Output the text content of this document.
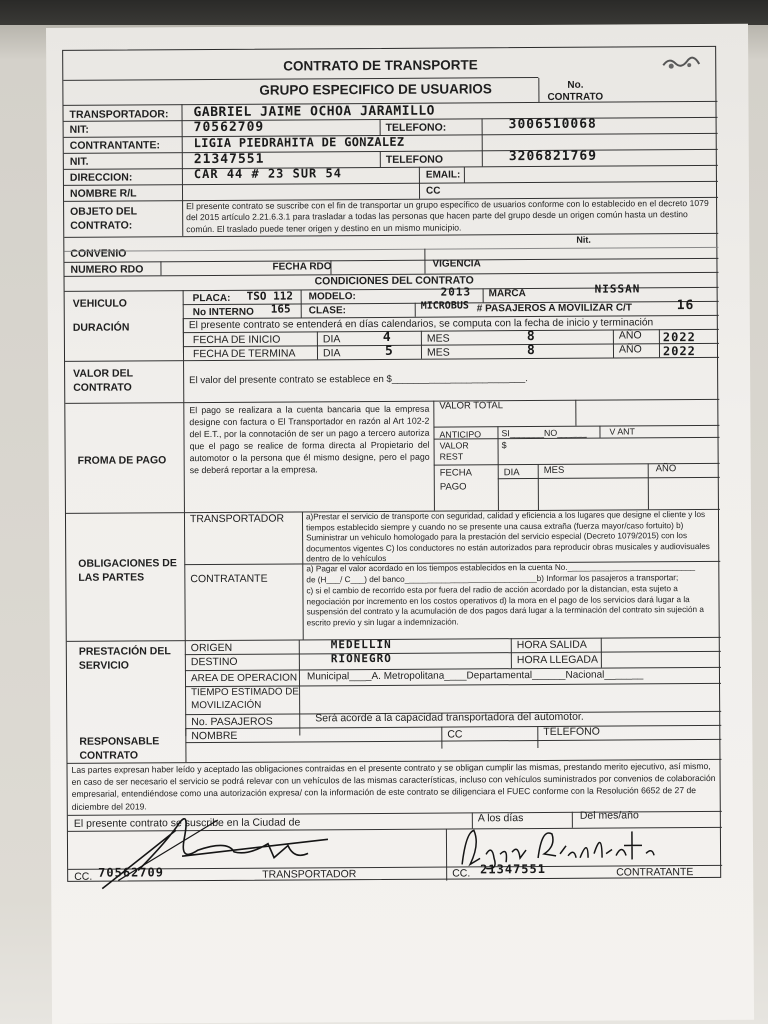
CONTRATO DE TRANSPORTE
GRUPO ESPECIFICO DE USUARIOS	No.
CONTRATO
TRANSPORTADOR: GABRIEL JAIME OCHOA JARAMILLO
NIT:	70562709	TELEFONO:	3006510068
CONTRANTANTE:	LIGIA PIEDRAHITA DE GONZALEZ
NIT.	21347551	TELEFONO	3206821769
DIRECCION:	CAR 44 # 23 SUR 54	EMAIL:
NOMBRE R/L	CC
OBJETO DEL
CONTRATO:
El presente contrato se suscribe con el fin de transportar un grupo específico de usuarios conforme con lo establecido en el decreto 1079 del 2015 artículo 2.21.6.3.1 para trasladar a todas las personas que hacen parte del grupo desde un origen común hasta un destino común. El traslado puede tener origen y destino en un mismo municipio.
Nit.
CONVENIO
NUMERO RDO	FECHA RDO	VIGENCIA
CONDICIONES DEL CONTRATO
VEHICULO	PLACA: TSO 112 MODELO:	2013 MARCA	NISSAN
No INTERNO 165 CLASE:	MICROBUS # PASAJEROS A MOVILIZAR C/T	16
DURACIÓN	El presente contrato se entenderá en días calendarios, se computa con la fecha de inicio y terminación
FECHA DE INICIO	DIA	4	MES	8	AÑO 2022
FECHA DE TERMINA	DIA	5	MES	8	AÑO 2022
VALOR DEL
CONTRATO
El valor del presente contrato se establece en $_________________________.
FROMA DE PAGO
El pago se realizara a la cuenta bancaria que la empresa designe con factura o El Transportador en razón al Art 102-2 del E.T., por la connotación de ser un pago a tercero autoriza que el pago se realice de forma directa al Propietario del automotor o la persona que él mismo designe, pero el pago se deberá reportar a la empresa.
VALOR TOTAL
ANTICIPO SI_______NO______	V ANT
VALOR
REST
$
FECHA
PAGO
DIA	MES	AÑO
OBLIGACIONES DE
LAS PARTES
TRANSPORTADOR	a)Prestar el servicio de transporte con seguridad, calidad y eficiencia a los lugares que designe el cliente y los tiempos establecido siempre y cuando no se presente una causa extraña (fuerza mayor/caso fortuito) b) Suministrar un vehiculo homologado para la prestación del servicio especial (Decreto 1079/2015) con los documentos vigentes C) los conductores no están autorizados para reproducir obras musicales y audiovisuales dentro de lo vehículos
CONTRATANTE
a) Pagar el valor acordado en los tiempos establecidos en la cuenta No.____________________________
de (H___/ C___) del banco_____________________________b) Informar los pasajeros a transportar;
c) si el cambio de recorrido esta por fuera del radio de acción acordado por la distancian, esta sujeto a negociación por incremento en los costos operativos d) la mora en el pago de los servicios dará lugar a la suspensión del contrato y la acumulación de dos pagos dará lugar a la terminación del contrato sin sujeción a escrito previo y sin lugar a indemnización.
PRESTACIÓN DEL
SERVICIO
ORIGEN	MEDELLIN	HORA SALIDA
DESTINO	RIONEGRO	HORA LLEGADA
AREA DE OPERACION Municipal____A. Metropolitana____Departamental______Nacional_______
TIEMPO ESTIMADO DE
MOVILIZACIÓN
No. PASAJEROS	Será acorde a la capacidad transportadora del automotor.
RESPONSABLE
CONTRATO
NOMBRE	CC	TELEFONO
Las partes expresan haber leído y aceptado las obligaciones contraidas en el presente contrato y se obligan cumplir las mismas, prestando merito ejecutivo, así mismo, en caso de ser necesario el servicio se podrá relevar con un vehículos de las mismas características, incluso con vehículos suministrados por convenios de colaboración empresarial, entendiéndose como una autorización expresa/ con la información de este contrato se diligenciara el FUEC conforme con la Resolución 6652 de 27 de diciembre del 2019.
El presente contrato se suscribe en la Ciudad de	A los días	Del mes/año
CC. 70562709	TRANSPORTADOR	CC. 21347551	CONTRATANTE
